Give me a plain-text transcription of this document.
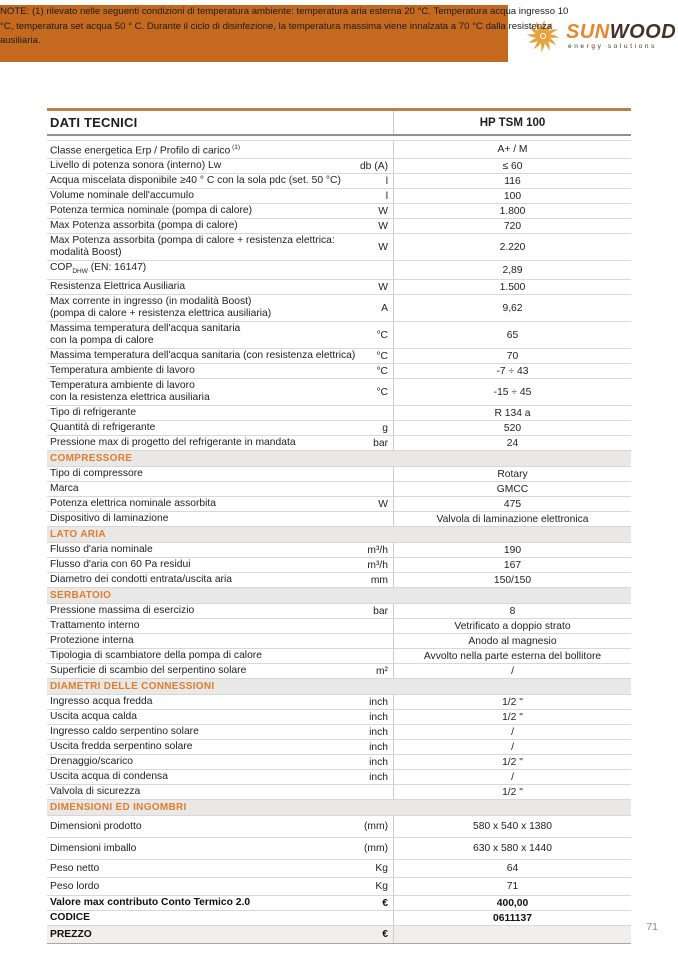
SUNWOOD
energy solutions
DATI TECNICI	HP TSM 100
Classe energetica Erp / Profilo di carico $^{(1)}$	A+ / M
Livello di potenza sonora (interno) Lw	db (A)	≤ 60
Acqua miscelata disponibile ≥40 ° C con la sola pdc (set. 50 °C)	l	116
Volume nominale dell'accumulo	l	100
Potenza termica nominale (pompa di calore)	W	1.800
Max Potenza assorbita (pompa di calore)	W	720
Max Potenza assorbita (pompa di calore + resistenza elettrica: modalità Boost)	W	2.220
$COP_{DHW}$ (EN: 16147)	2,89
Resistenza Elettrica Ausiliaria	W	1.500
Max corrente in ingresso (in modalità Boost)
(pompa di calore + resistenza elettrica ausiliaria)	A	9,62
Massima temperatura dell'acqua sanitaria
con la pompa di calore	°C	65
Massima temperatura dell'acqua sanitaria (con resistenza elettrica)	°C	70
Temperatura ambiente di lavoro	°C	-7 ÷ 43
Temperatura ambiente di lavoro
con la resistenza elettrica ausiliaria	°C	-15 ÷ 45
Tipo di refrigerante	R 134 a
Quantità di refrigerante	g	520
Pressione max di progetto del refrigerante in mandata	bar	24
COMPRESSORE
Tipo di compressore	Rotary
Marca	GMCC
Potenza elettrica nominale assorbita	W	475
Dispositivo di laminazione	Valvola di laminazione elettronica
LATO ARIA
Flusso d'aria nominale	m³/h	190
Flusso d'aria con 60 Pa residui	m³/h	167
Diametro dei condotti entrata/uscita aria	mm	150/150
SERBATOIO
Pressione massima di esercizio	bar	8
Trattamento interno	Vetrificato a doppio strato
Protezione interna	Anodo al magnesio
Tipologia di scambiatore della pompa di calore	Avvolto nella parte esterna del bollitore
Superficie di scambio del serpentino solare	m²	/
DIAMETRI DELLE CONNESSIONI
Ingresso acqua fredda	inch	1/2 "
Uscita acqua calda	inch	1/2 "
Ingresso caldo serpentino solare	inch	/
Uscita fredda serpentino solare	inch	/
Drenaggio/scarico	inch	1/2 "
Uscita acqua di condensa	inch	/
Valvola di sicurezza	1/2 "
DIMENSIONI ED INGOMBRI
Dimensioni prodotto	(mm)	580 x 540 x 1380
Dimensioni imballo	(mm)	630 x 580 x 1440
Peso netto	Kg	64
Peso lordo	Kg	71
Valore max contributo Conto Termico 2.0	€	400,00
CODICE	0611137
PREZZO	€

NOTE: (1) rilevato nelle seguenti condizioni di temperatura ambiente: temperatura aria esterna 20 °C. Temperatura acqua ingresso 10 °C, temperatura set acqua 50 ° C. Durante il ciclo di disinfezione, la temperatura massima viene innalzata a 70 °C dalla resistenza ausiliaria.

71
